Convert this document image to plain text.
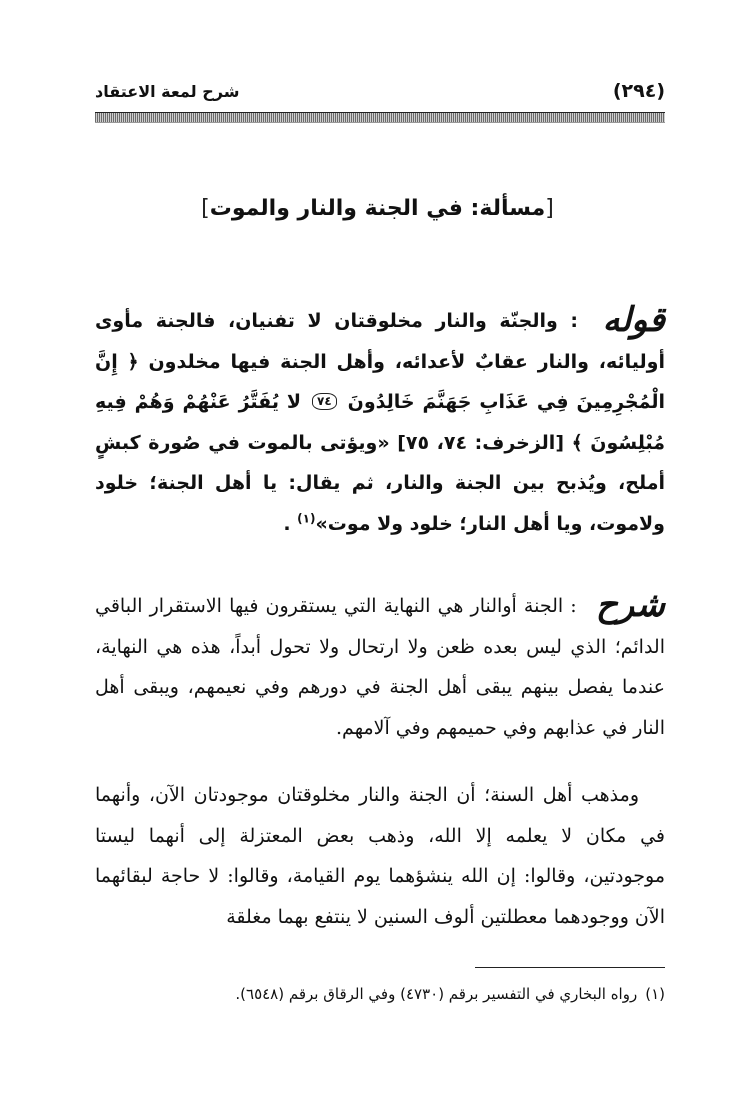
(٢٩٤)
شرح لمعة الاعتقاد
[مسألة: في الجنة والنار والموت]
قوله : والجنّة والنار مخلوقتان لا تفنيان، فالجنة مأوى أوليائه، والنار عقابٌ لأعدائه، وأهل الجنة فيها مخلدون ﴿ إِنَّ الْمُجْرِمِينَ فِي عَذَابِ جَهَنَّمَ خَالِدُونَ ٧٤ لا يُفَتَّرُ عَنْهُمْ وَهُمْ فِيهِ مُبْلِسُونَ ﴾ [الزخرف: ٧٤، ٧٥] «ويؤتى بالموت في صُورة كبشٍ أملح، ويُذبح بين الجنة والنار، ثم يقال: يا أهل الجنة؛ خلود ولاموت، ويا أهل النار؛ خلود ولا موت»$^{(١)}$ .
شرح : الجنة أوالنار هي النهاية التي يستقرون فيها الاستقرار الباقي الدائم؛ الذي ليس بعده ظعن ولا ارتحال ولا تحول أبداً، هذه هي النهاية، عندما يفصل بينهم يبقى أهل الجنة في دورهم وفي نعيمهم، ويبقى أهل النار في عذابهم وفي حميمهم وفي آلامهم.
ومذهب أهل السنة؛ أن الجنة والنار مخلوقتان موجودتان الآن، وأنهما في مكان لا يعلمه إلا الله، وذهب بعض المعتزلة إلى أنهما ليستا موجودتين، وقالوا: إن الله ينشؤهما يوم القيامة، وقالوا: لا حاجة لبقائهما الآن ووجودهما معطلتين ألوف السنين لا ينتفع بهما مغلقة
(١)رواه البخاري في التفسير برقم (٤٧٣٠) وفي الرقاق برقم (٦٥٤٨).
